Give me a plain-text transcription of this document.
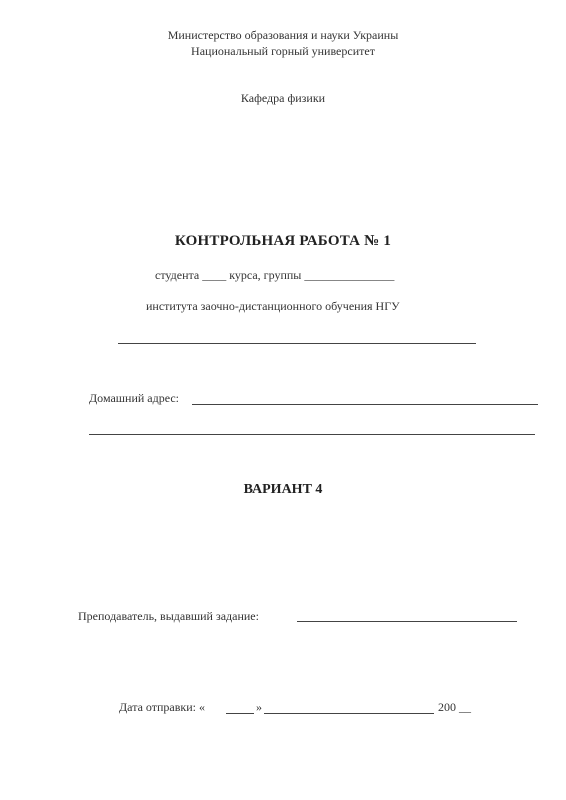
Министерство образования и науки Украины
Национальный горный университет
Кафедра физики
КОНТРОЛЬНАЯ РАБОТА № 1
студента ____ курса, группы _______________
института заочно-дистанционного обучения НГУ
Домашний адрес:
ВАРИАНТ 4
Преподаватель, выдавший задание:
Дата отправки: «	»	200 __
